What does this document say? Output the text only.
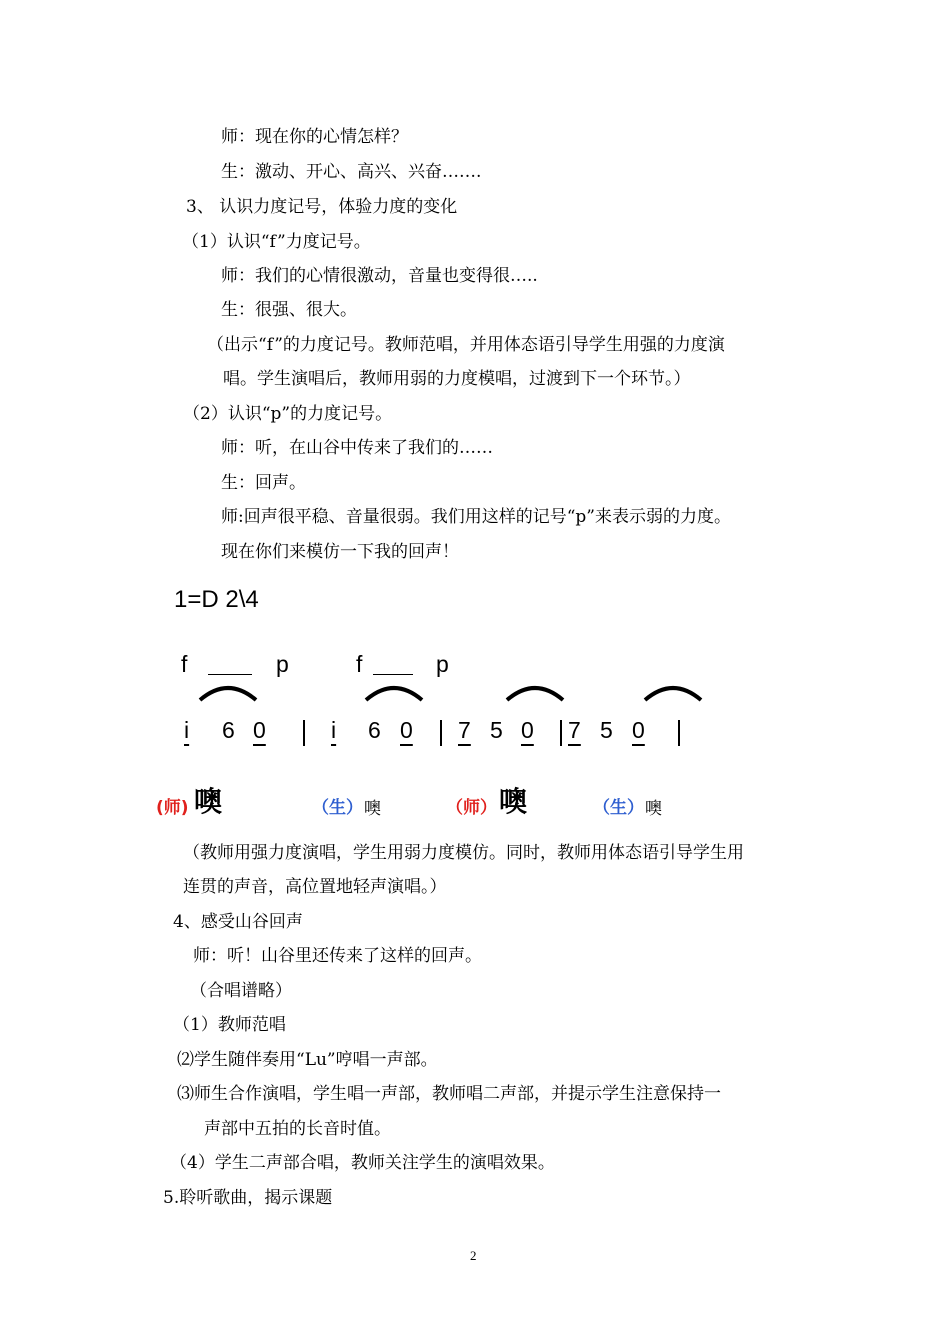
师：现在你的心情怎样？
生：激动、开心、高兴、兴奋…….
3、 认识力度记号，体验力度的变化
（1）认识“f”力度记号。
师：我们的心情很激动，音量也变得很…..
生：很强、很大。
（出示“f”的力度记号。教师范唱，并用体态语引导学生用强的力度演
唱。学生演唱后，教师用弱的力度模唱，过渡到下一个环节。）
（2）认识“p”的力度记号。
师：听，在山谷中传来了我们的……
生：回声。
师:回声很平稳、音量很弱。我们用这样的记号“p”来表示弱的力度。
现在你们来模仿一下我的回声！
1=D 2\4
f	p	f	p
i 6 0	i 6 0 7 5 0 7 5 0
(师) 噢	（生） 噢	（师） 噢	（生） 噢
（教师用强力度演唱，学生用弱力度模仿。同时，教师用体态语引导学生用
连贯的声音，高位置地轻声演唱。）
4、感受山谷回声
师：听！山谷里还传来了这样的回声。
（合唱谱略）
（1）教师范唱
⑵学生随伴奏用“Lu”哼唱一声部。
⑶师生合作演唱，学生唱一声部，教师唱二声部，并提示学生注意保持一
声部中五拍的长音时值。
（4）学生二声部合唱，教师关注学生的演唱效果。
5.聆听歌曲，揭示课题
2
